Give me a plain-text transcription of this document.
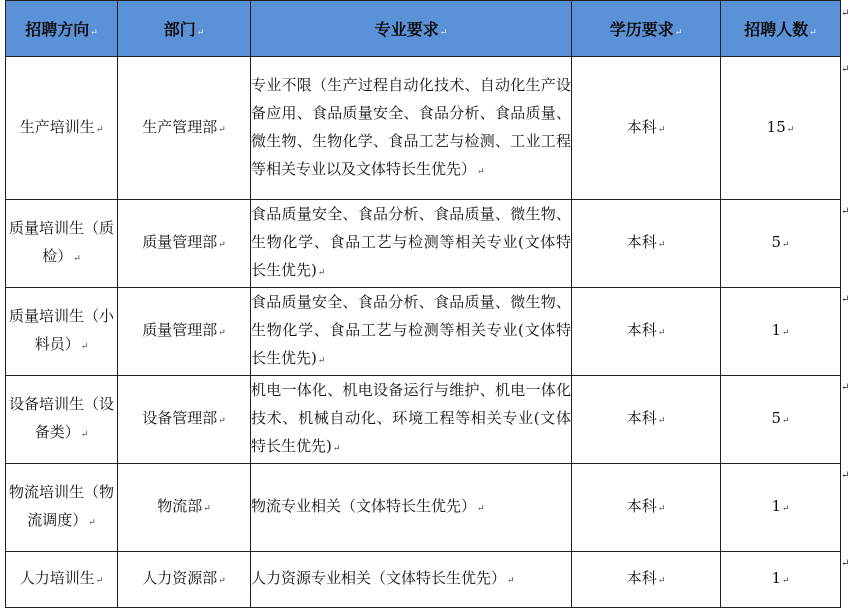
招聘方向↵	部门↵	专业要求↵	学历要求↵	招聘人数↵
生产培训生↵	生产管理部↵	专业不限（生产过程自动化技术、自动化生产设备应用、食品质量安全、食品分析、食品质量、微生物、生物化学、食品工艺与检测、工业工程等相关专业以及文体特长生优先）↵	本科↵	15↵
质量培训生（质检）↵	质量管理部↵	食品质量安全、食品分析、食品质量、微生物、生物化学、食品工艺与检测等相关专业(文体特长生优先)↵	本科↵	5↵
质量培训生（小料员）↵	质量管理部↵	食品质量安全、食品分析、食品质量、微生物、生物化学、食品工艺与检测等相关专业(文体特长生优先)↵	本科↵	1↵
设备培训生（设备类）↵	设备管理部↵	机电一体化、机电设备运行与维护、机电一体化技术、机械自动化、环境工程等相关专业(文体特长生优先)↵	本科↵	5↵
物流培训生（物流调度）↵	物流部↵	物流专业相关（文体特长生优先）↵	本科↵	1↵
人力培训生↵	人力资源部↵	人力资源专业相关（文体特长生优先）↵	本科↵	1↵
↵
↵
↵
↵
↵
↵
↵
